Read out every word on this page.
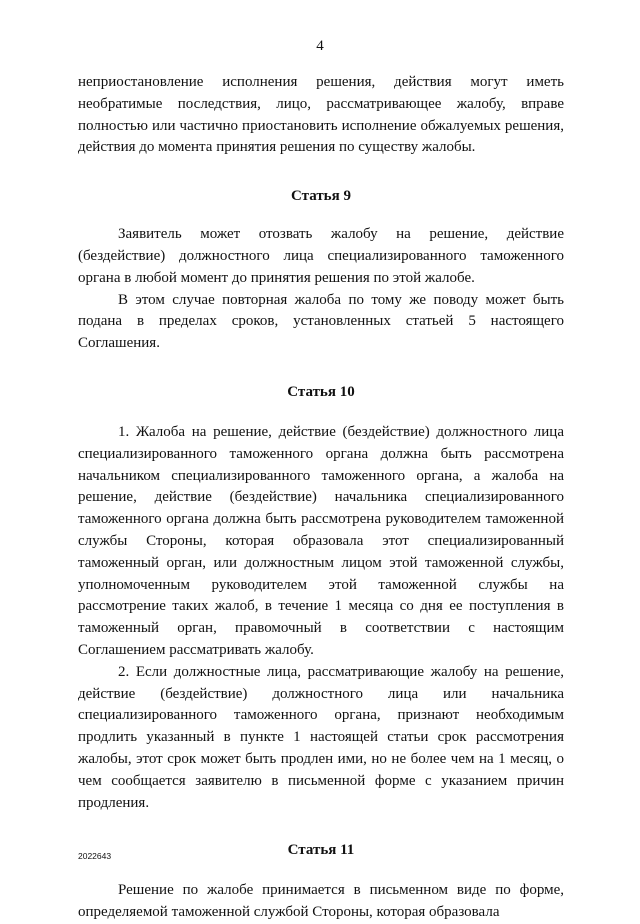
4

неприостановление исполнения решения, действия могут иметь необратимые последствия, лицо, рассматривающее жалобу, вправе полностью или частично приостановить исполнение обжалуемых решения, действия до момента принятия решения по существу жалобы.

Статья 9

Заявитель может отозвать жалобу на решение, действие (бездействие) должностного лица специализированного таможенного органа в любой момент до принятия решения по этой жалобе.

В этом случае повторная жалоба по тому же поводу может быть подана в пределах сроков, установленных статьей 5 настоящего Соглашения.

Статья 10

1. Жалоба на решение, действие (бездействие) должностного лица специализированного таможенного органа должна быть рассмотрена начальником специализированного таможенного органа, а жалоба на решение, действие (бездействие) начальника специализированного таможенного органа должна быть рассмотрена руководителем таможенной службы Стороны, которая образовала этот специализированный таможенный орган, или должностным лицом этой таможенной службы, уполномоченным руководителем этой таможенной службы на рассмотрение таких жалоб, в течение 1 месяца со дня ее поступления в таможенный орган, правомочный в соответствии с настоящим Соглашением рассматривать жалобу.

2. Если должностные лица, рассматривающие жалобу на решение, действие (бездействие) должностного лица или начальника специализированного таможенного органа, признают необходимым продлить указанный в пункте 1 настоящей статьи срок рассмотрения жалобы, этот срок может быть продлен ими, но не более чем на 1 месяц, о чем сообщается заявителю в письменной форме с указанием причин продления.

Статья 11

Решение по жалобе принимается в письменном виде по форме, определяемой таможенной службой Стороны, которая образовала

2022643
